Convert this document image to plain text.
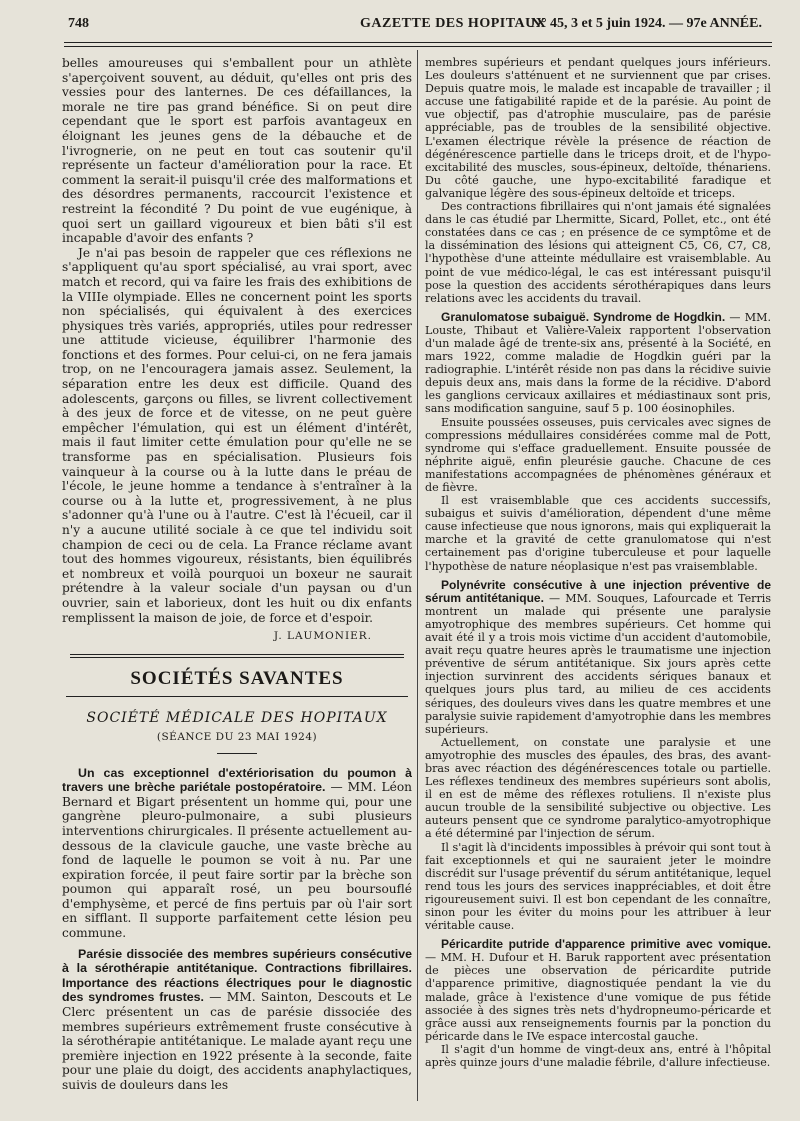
748	GAZETTE DES HOPITAUX
N° 45, 3 et 5 juin 1924. — 97e ANNÉE.

belles amoureuses qui s'emballent pour un athlète s'aperçoivent souvent, au déduit, qu'elles ont pris des vessies pour des lanternes. De ces défaillances, la morale ne tire pas grand bénéfice. Si on peut dire cependant que le sport est parfois avantageux en éloignant les jeunes gens de la débauche et de l'ivrognerie, on ne peut en tout cas soutenir qu'il représente un facteur d'amélioration pour la race. Et comment la serait-il puisqu'il crée des malformations et des désordres permanents, raccourcit l'existence et restreint la fécondité ? Du point de vue eugénique, à quoi sert un gaillard vigoureux et bien bâti s'il est incapable d'avoir des enfants ?

Je n'ai pas besoin de rappeler que ces réflexions ne s'appliquent qu'au sport spécialisé, au vrai sport, avec match et record, qui va faire les frais des exhibitions de la VIIIe olympiade. Elles ne concernent point les sports non spécialisés, qui équivalent à des exercices physiques très variés, appropriés, utiles pour redresser une attitude vicieuse, équilibrer l'harmonie des fonctions et des formes. Pour celui-ci, on ne fera jamais trop, on ne l'encouragera jamais assez. Seulement, la séparation entre les deux est difficile. Quand des adolescents, garçons ou filles, se livrent collectivement à des jeux de force et de vitesse, on ne peut guère empêcher l'émulation, qui est un élément d'intérêt, mais il faut limiter cette émulation pour qu'elle ne se transforme pas en spécialisation. Plusieurs fois vainqueur à la course ou à la lutte dans le préau de l'école, le jeune homme a tendance à s'entraîner à la course ou à la lutte et, progressivement, à ne plus s'adonner qu'à l'une ou à l'autre. C'est là l'écueil, car il n'y a aucune utilité sociale à ce que tel individu soit champion de ceci ou de cela. La France réclame avant tout des hommes vigoureux, résistants, bien équilibrés et nombreux et voilà pourquoi un boxeur ne saurait prétendre à la valeur sociale d'un paysan ou d'un ouvrier, sain et laborieux, dont les huit ou dix enfants remplissent la maison de joie, de force et d'espoir.

J. LAUMONIER.

SOCIÉTÉS SAVANTES
SOCIÉTÉ MÉDICALE DES HOPITAUX
(SÉANCE DU 23 MAI 1924)

Un cas exceptionnel d'extériorisation du poumon à travers une brèche pariétale postopératoire. — MM. Léon Bernard et Bigart présentent un homme qui, pour une gangrène pleuro-pulmonaire, a subi plusieurs interventions chirurgicales. Il présente actuellement au-dessous de la clavicule gauche, une vaste brèche au fond de laquelle le poumon se voit à nu. Par une expiration forcée, il peut faire sortir par la brèche son poumon qui apparaît rosé, un peu boursouflé d'emphysème, et percé de fins pertuis par où l'air sort en sifflant. Il supporte parfaitement cette lésion peu commune.

Parésie dissociée des membres supérieurs consécutive à la sérothérapie antitétanique. Contractions fibrillaires. Importance des réactions électriques pour le diagnostic des syndromes frustes. — MM. Sainton, Descouts et Le Clerc présentent un cas de parésie dissociée des membres supérieurs extrêmement fruste consécutive à la sérothérapie antitétanique. Le malade ayant reçu une première injection en 1922 présente à la seconde, faite pour une plaie du doigt, des accidents anaphylactiques, suivis de douleurs dans les

membres supérieurs et pendant quelques jours inférieurs. Les douleurs s'atténuent et ne surviennent que par crises. Depuis quatre mois, le malade est incapable de travailler ; il accuse une fatigabilité rapide et de la parésie. Au point de vue objectif, pas d'atrophie musculaire, pas de parésie appréciable, pas de troubles de la sensibilité objective. L'examen électrique révèle la présence de réaction de dégénérescence partielle dans le triceps droit, et de l'hypo-excitabilité des muscles, sous-épineux, deltoïde, thénariens. Du côté gauche, une hypo-excitabilité faradique et galvanique légère des sous-épineux deltoïde et triceps.

Des contractions fibrillaires qui n'ont jamais été signalées dans le cas étudié par Lhermitte, Sicard, Pollet, etc., ont été constatées dans ce cas ; en présence de ce symptôme et de la dissémination des lésions qui atteignent C5, C6, C7, C8, l'hypothèse d'une atteinte médullaire est vraisemblable. Au point de vue médico-légal, le cas est intéressant puisqu'il pose la question des accidents sérothérapiques dans leurs relations avec les accidents du travail.

Granulomatose subaiguë. Syndrome de Hogdkin. — MM. Louste, Thibaut et Valière-Valeix rapportent l'observation d'un malade âgé de trente-six ans, présenté à la Société, en mars 1922, comme maladie de Hogdkin guéri par la radiographie. L'intérêt réside non pas dans la récidive suivie depuis deux ans, mais dans la forme de la récidive. D'abord les ganglions cervicaux axillaires et médiastinaux sont pris, sans modification sanguine, sauf 5 p. 100 éosinophiles.

Ensuite poussées osseuses, puis cervicales avec signes de compressions médullaires considérées comme mal de Pott, syndrome qui s'efface graduellement. Ensuite poussée de néphrite aiguë, enfin pleurésie gauche. Chacune de ces manifestations accompagnées de phénomènes généraux et de fièvre.

Il est vraisemblable que ces accidents successifs, subaigus et suivis d'amélioration, dépendent d'une même cause infectieuse que nous ignorons, mais qui expliquerait la marche et la gravité de cette granulomatose qui n'est certainement pas d'origine tuberculeuse et pour laquelle l'hypothèse de nature néoplasique n'est pas vraisemblable.

Polynévrite consécutive à une injection préventive de sérum antitétanique. — MM. Souques, Lafourcade et Terris montrent un malade qui présente une paralysie amyotrophique des membres supérieurs. Cet homme qui avait été il y a trois mois victime d'un accident d'automobile, avait reçu quatre heures après le traumatisme une injection préventive de sérum antitétanique. Six jours après cette injection survinrent des accidents sériques banaux et quelques jours plus tard, au milieu de ces accidents sériques, des douleurs vives dans les quatre membres et une paralysie suivie rapidement d'amyotrophie dans les membres supérieurs.

Actuellement, on constate une paralysie et une amyotrophie des muscles des épaules, des bras, des avant-bras avec réaction des dégénérescences totale ou partielle. Les réflexes tendineux des membres supérieurs sont abolis, il en est de même des réflexes rotuliens. Il n'existe plus aucun trouble de la sensibilité subjective ou objective. Les auteurs pensent que ce syndrome paralytico-amyotrophique a été déterminé par l'injection de sérum.

Il s'agit là d'incidents impossibles à prévoir qui sont tout à fait exceptionnels et qui ne sauraient jeter le moindre discrédit sur l'usage préventif du sérum antitétanique, lequel rend tous les jours des services inappréciables, et doit être rigoureusement suivi. Il est bon cependant de les connaître, sinon pour les éviter du moins pour les attribuer à leur véritable cause.

Péricardite putride d'apparence primitive avec vomique. — MM. H. Dufour et H. Baruk rapportent avec présentation de pièces une observation de péricardite putride d'apparence primitive, diagnostiquée pendant la vie du malade, grâce à l'existence d'une vomique de pus fétide associée à des signes très nets d'hydropneumo-péricarde et grâce aussi aux renseignements fournis par la ponction du péricarde dans le IVe espace intercostal gauche.

Il s'agit d'un homme de vingt-deux ans, entré à l'hôpital après quinze jours d'une maladie fébrile, d'allure infectieuse.
